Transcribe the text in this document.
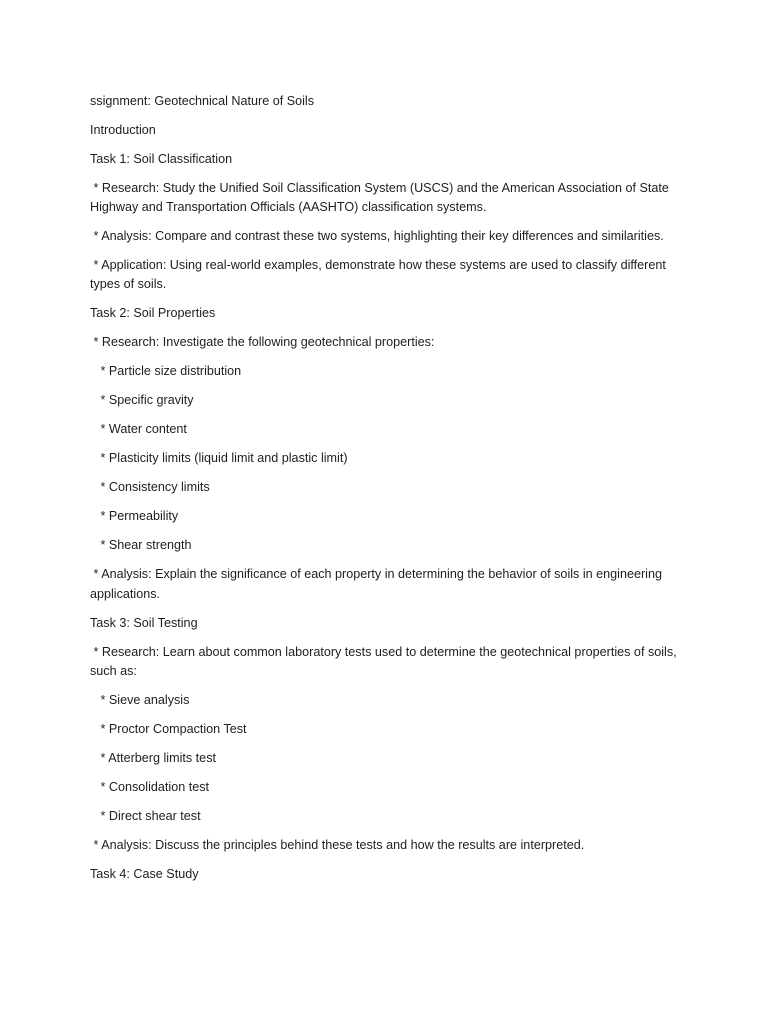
ssignment: Geotechnical Nature of Soils

Introduction

Task 1: Soil Classification

* Research: Study the Unified Soil Classification System (USCS) and the American Association of State Highway and Transportation Officials (AASHTO) classification systems.

* Analysis: Compare and contrast these two systems, highlighting their key differences and similarities.

* Application: Using real-world examples, demonstrate how these systems are used to classify different types of soils.

Task 2: Soil Properties

* Research: Investigate the following geotechnical properties:

* Particle size distribution

* Specific gravity

* Water content

* Plasticity limits (liquid limit and plastic limit)

* Consistency limits

* Permeability

* Shear strength

* Analysis: Explain the significance of each property in determining the behavior of soils in engineering applications.

Task 3: Soil Testing

* Research: Learn about common laboratory tests used to determine the geotechnical properties of soils, such as:

* Sieve analysis

* Proctor Compaction Test

* Atterberg limits test

* Consolidation test

* Direct shear test

* Analysis: Discuss the principles behind these tests and how the results are interpreted.

Task 4: Case Study
